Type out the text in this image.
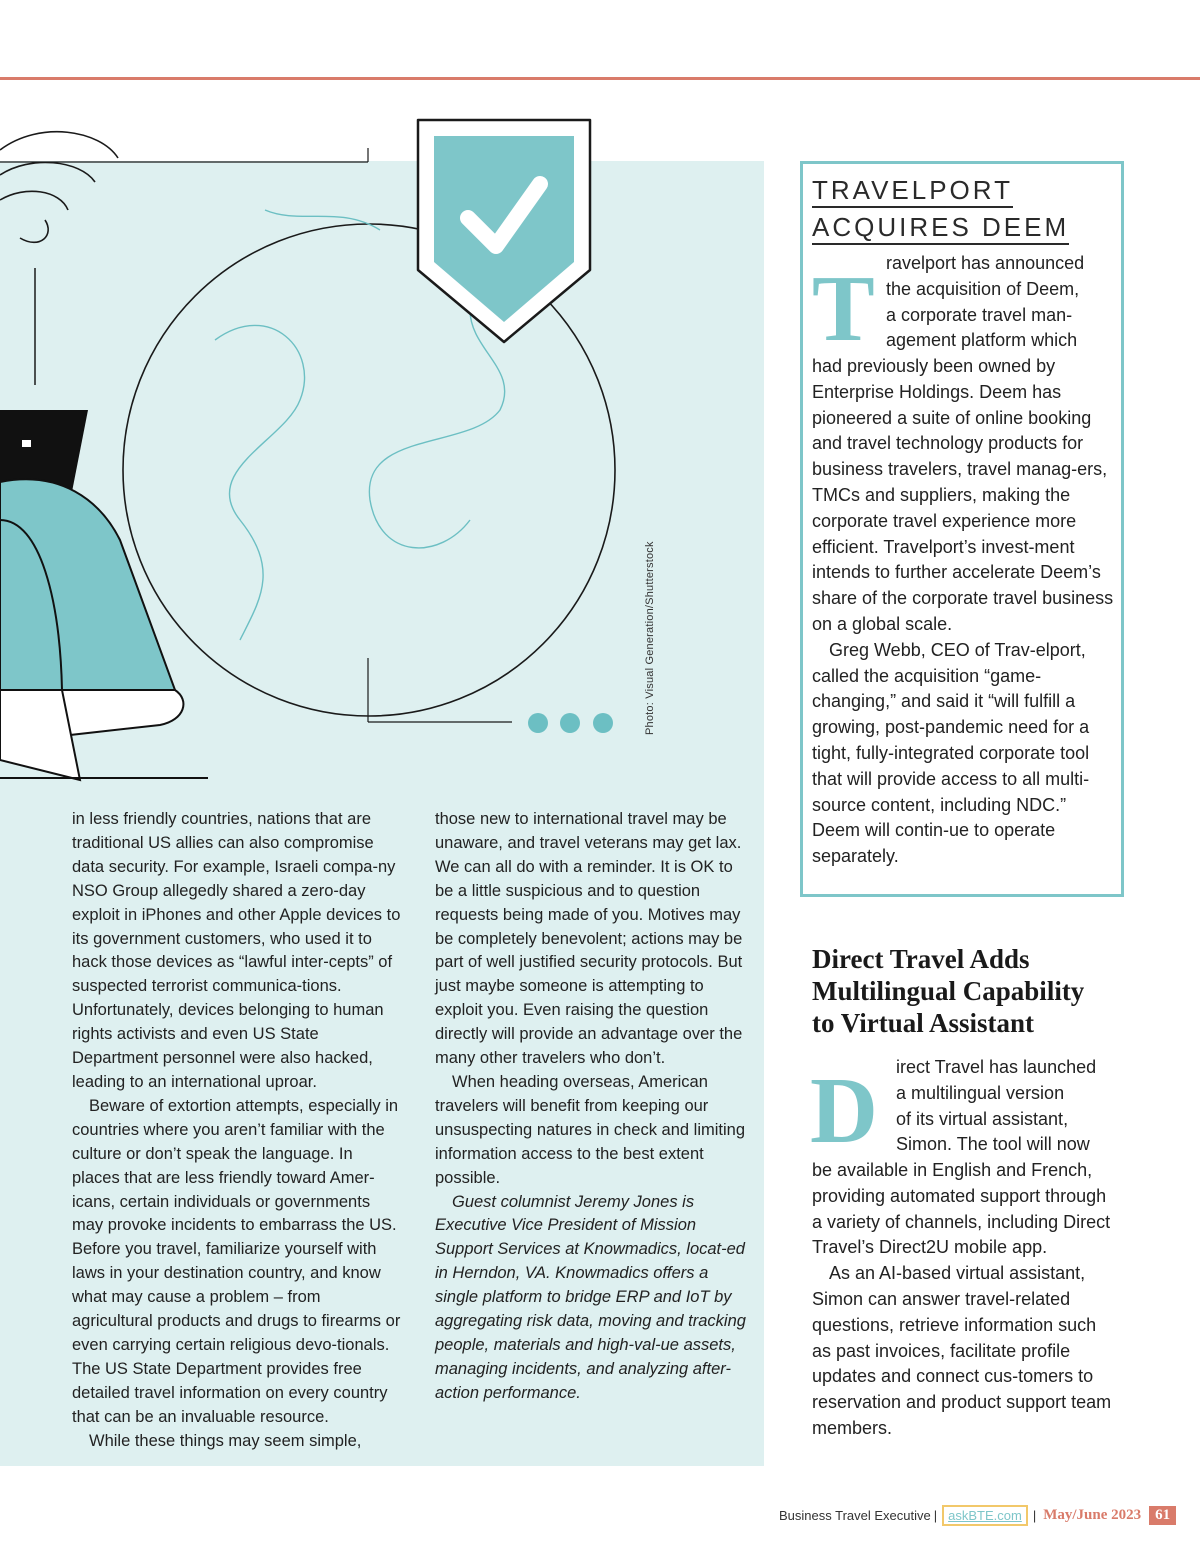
Photo: Visual Generation/Shutterstock

in less friendly countries, nations that are traditional US allies can also compromise data security. For example, Israeli compa-ny NSO Group allegedly shared a zero-day exploit in iPhones and other Apple devices to its government customers, who used it to hack those devices as “lawful inter-cepts” of suspected terrorist communica-tions. Unfortunately, devices belonging to human rights activists and even US State Department personnel were also hacked, leading to an international uproar.

Beware of extortion attempts, especially in countries where you aren’t familiar with the culture or don’t speak the language. In places that are less friendly toward Amer-icans, certain individuals or governments may provoke incidents to embarrass the US. Before you travel, familiarize yourself with laws in your destination country, and know what may cause a problem – from agricultural products and drugs to firearms or even carrying certain religious devo-tionals. The US State Department provides free detailed travel information on every country that can be an invaluable resource.

While these things may seem simple,

those new to international travel may be unaware, and travel veterans may get lax. We can all do with a reminder. It is OK to be a little suspicious and to question requests being made of you. Motives may be completely benevolent; actions may be part of well justified security protocols. But just maybe someone is attempting to exploit you. Even raising the question directly will provide an advantage over the many other travelers who don’t.

When heading overseas, American travelers will benefit from keeping our unsuspecting natures in check and limiting information access to the best extent possible.

Guest columnist Jeremy Jones is Executive Vice President of Mission Support Services at Knowmadics, locat-ed in Herndon, VA. Knowmadics offers a single platform to bridge ERP and IoT by aggregating risk data, moving and tracking people, materials and high-val-ue assets, managing incidents, and analyzing after-action performance.

TRAVELPORT
ACQUIRES DEEM
T ravelport has announced
the acquisition of Deem,
a corporate travel man-
agement platform which

had previously been owned by Enterprise Holdings. Deem has pioneered a suite of online booking and travel technology products for business travelers, travel manag-ers, TMCs and suppliers, making the corporate travel experience more efficient. Travelport’s invest-ment intends to further accelerate Deem’s share of the corporate travel business on a global scale.

Greg Webb, CEO of Trav-elport, called the acquisition “game-changing,” and said it “will fulfill a growing, post-pandemic need for a tight, fully-integrated corporate tool that will provide access to all multi-source content, including NDC.” Deem will contin-ue to operate separately.

Direct Travel Adds
Multilingual Capability
to Virtual Assistant
D irect Travel has launched
a multilingual version
of its virtual assistant,
Simon. The tool will now

be available in English and French, providing automated support through a variety of channels, including Direct Travel’s Direct2U mobile app.

As an AI-based virtual assistant, Simon can answer travel-related questions, retrieve information such as past invoices, facilitate profile updates and connect cus-tomers to reservation and product support team members.

Business Travel Executive | askBTE.com | May/June 2023 61
